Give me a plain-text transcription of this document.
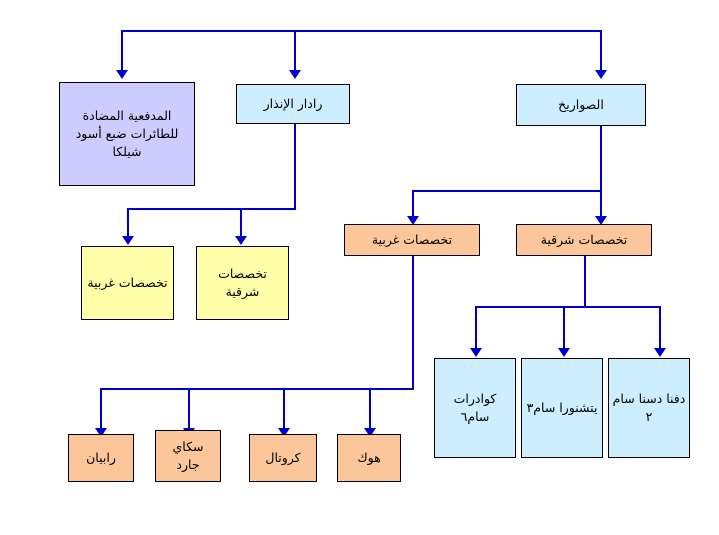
المدفعية المضادة للطائرات ضبع أسود شيلكا
رادار الإنذار	الصواريخ
تخصصات غربية
تخصصات شرقية
تخصصات غربية	تخصصات شرقية
كوادرات سام٦
يتشنورا سام٣
دفنا دسنا سام ٢
رابيان
سكاي جارد	كروتال	هوك
